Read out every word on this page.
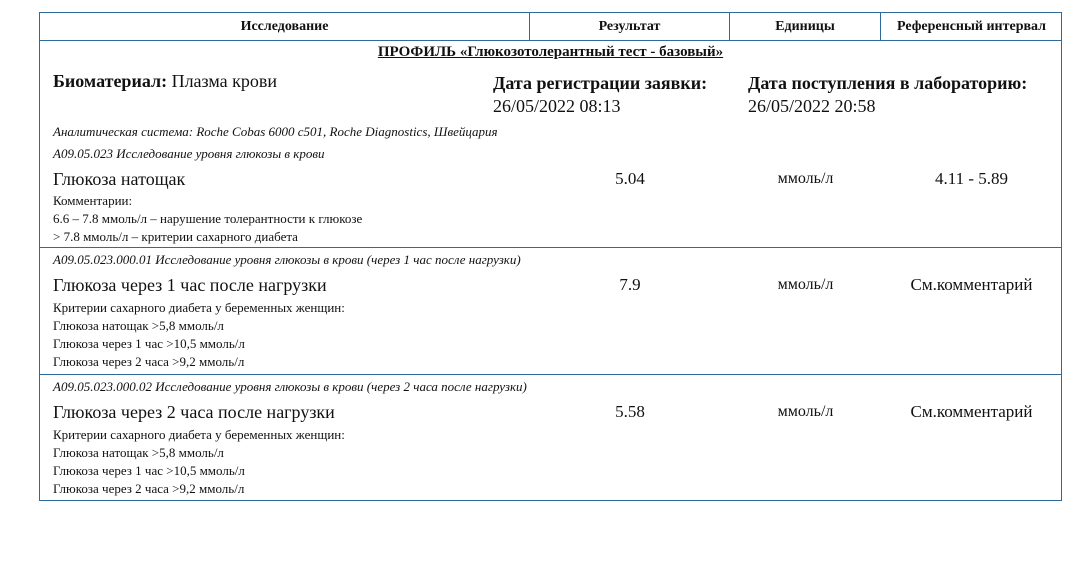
Исследование	Результат	Единицы	Референсный интервал
ПРОФИЛЬ «Глюкозотолерантный тест - базовый»
Биоматериал: Плазма крови	Дата регистрации заявки:
26/05/2022 08:13
Дата поступления в лабораторию:
26/05/2022 20:58
Аналитическая система: Roche Cobas 6000 c501, Roche Diagnostics, Швейцария
A09.05.023 Исследование уровня глюкозы в крови
Глюкоза натощак	5.04	ммоль/л	4.11 - 5.89
Комментарии:
6.6 – 7.8 ммоль/л – нарушение толерантности к глюкозе
> 7.8 ммоль/л – критерии сахарного диабета
A09.05.023.000.01 Исследование уровня глюкозы в крови (через 1 час после нагрузки)
Глюкоза через 1 час после нагрузки	7.9	ммоль/л	См.комментарий
Критерии сахарного диабета у беременных женщин:
Глюкоза натощак >5,8 ммоль/л
Глюкоза через 1 час >10,5 ммоль/л
Глюкоза через 2 часа >9,2 ммоль/л
A09.05.023.000.02 Исследование уровня глюкозы в крови (через 2 часа после нагрузки)
Глюкоза через 2 часа после нагрузки	5.58	ммоль/л	См.комментарий
Критерии сахарного диабета у беременных женщин:
Глюкоза натощак >5,8 ммоль/л
Глюкоза через 1 час >10,5 ммоль/л
Глюкоза через 2 часа >9,2 ммоль/л
